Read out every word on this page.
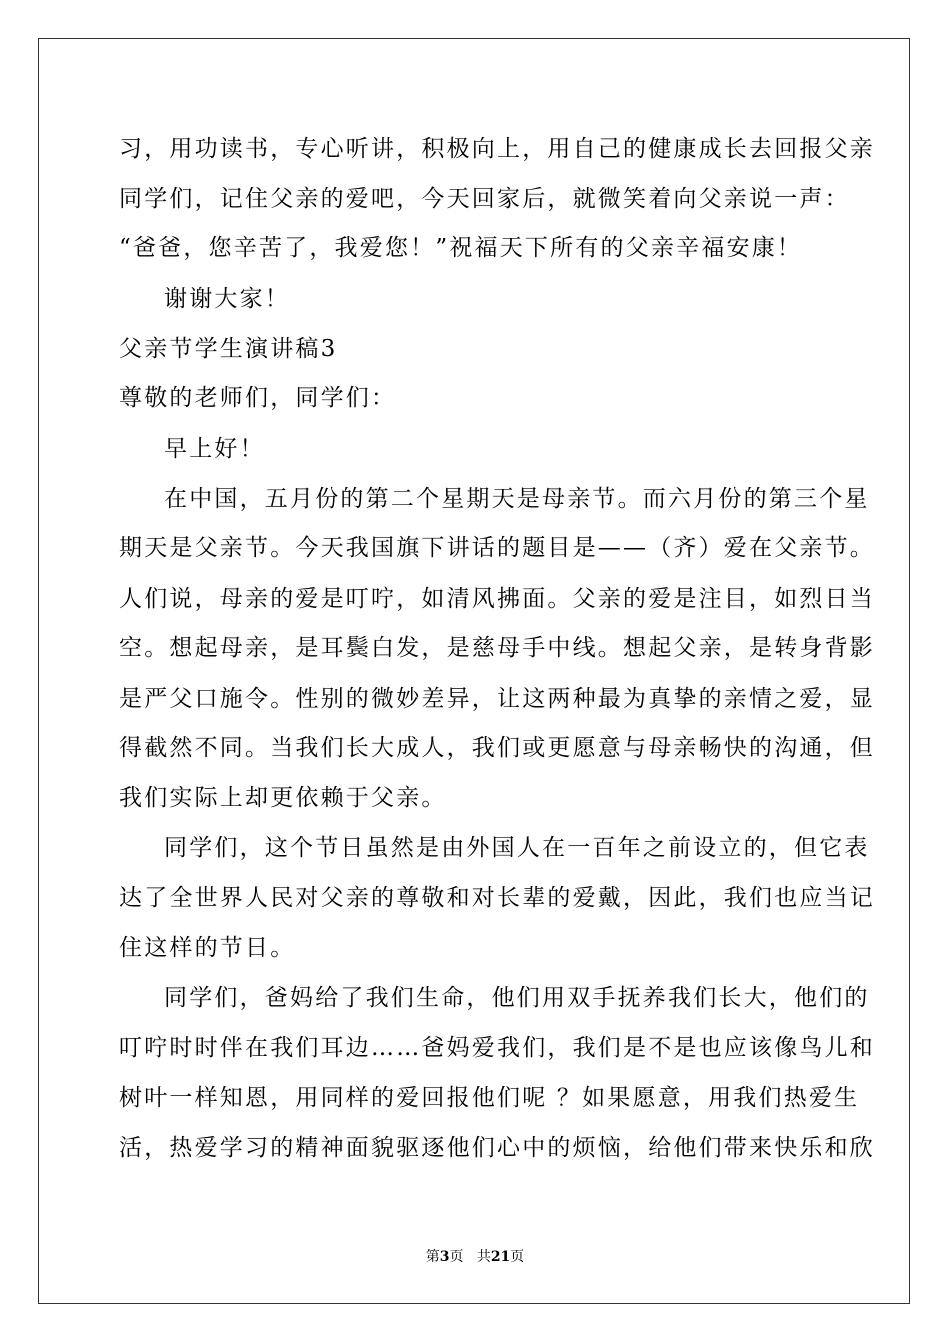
习，用功读书，专心听讲，积极向上，用自己的健康成长去回报父亲
同学们，记住父亲的爱吧，今天回家后，就微笑着向父亲说一声：
“爸爸，您辛苦了，我爱您！”祝福天下所有的父亲辛福安康！
谢谢大家！
父亲节学生演讲稿3
尊敬的老师们，同学们：
早上好！
在中国，五月份的第二个星期天是母亲节。而六月份的第三个星
期天是父亲节。今天我国旗下讲话的题目是——（齐）爱在父亲节。
人们说，母亲的爱是叮咛，如清风拂面。父亲的爱是注目，如烈日当
空。想起母亲，是耳鬓白发，是慈母手中线。想起父亲，是转身背影
是严父口施令。性别的微妙差异，让这两种最为真挚的亲情之爱，显
得截然不同。当我们长大成人，我们或更愿意与母亲畅快的沟通，但
我们实际上却更依赖于父亲。
同学们，这个节日虽然是由外国人在一百年之前设立的，但它表
达了全世界人民对父亲的尊敬和对长辈的爱戴，因此，我们也应当记
住这样的节日。
同学们，爸妈给了我们生命，他们用双手抚养我们长大，他们的
叮咛时时伴在我们耳边……爸妈爱我们，我们是不是也应该像鸟儿和
树叶一样知恩，用同样的爱回报他们呢 ？如果愿意，用我们热爱生
活，热爱学习的精神面貌驱逐他们心中的烦恼，给他们带来快乐和欣
第3页 共21页
